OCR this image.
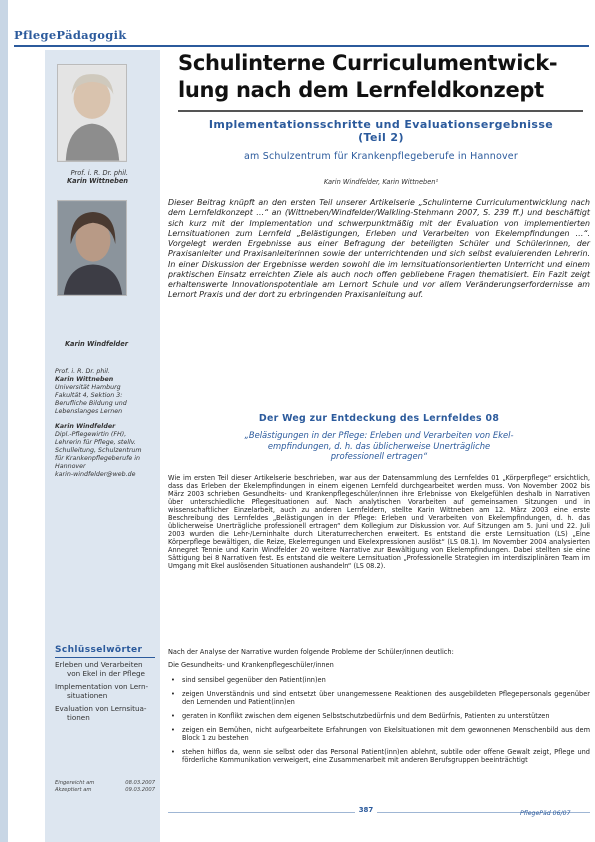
PflegePädagogik
Prof. i. R. Dr. phil.
Karin Wittneben
Karin Windfelder
Prof. i. R. Dr. phil.
Karin Wittneben
Universität Hamburg
Fakultät 4, Sektion 3:
Berufliche Bildung und
Lebenslanges Lernen
Karin Windfelder
Dipl.-Pflegewirtin (FH),
Lehrerin für Pflege, stellv.
Schulleitung, Schulzentrum
für Krankenpflegeberufe in
Hannover
karin-windfelder@web.de
Schlüsselwörter
Erleben und Verarbeiten
von Ekel in der Pflege
Implementation von Lern-
situationen
Evaluation von Lernsitua-
tionen
Eingereicht am	08.03.2007
Akzeptiert am	09.03.2007
Schulinterne Curriculumentwick-
lung nach dem Lernfeldkonzept
Implementationsschritte und Evaluationsergebnisse
(Teil 2)
am Schulzentrum für Krankenpflegeberufe in Hannover
Karin Windfelder, Karin Wittneben¹
Dieser Beitrag knüpft an den ersten Teil unserer Artikelserie „Schulinterne Curriculumentwicklung nach dem Lernfeldkonzept …“ an (Wittneben/Windfelder/Walkling-Stehmann 2007, S. 239 ff.) und beschäftigt sich kurz mit der Implementation und schwerpunktmäßig mit der Evaluation von implementierten Lernsituationen zum Lernfeld „Belästigungen, Erleben und Verarbeiten von Ekelempfindungen …“. Vorgelegt werden Ergebnisse aus einer Befragung der beteiligten Schüler und Schülerinnen, der Praxisanleiter und Praxisanleiterinnen sowie der unterrichtenden und sich selbst evaluierenden Lehrerin. In einer Diskussion der Ergebnisse werden sowohl die im lernsituationsorientierten Unterricht und einem praktischen Einsatz erreichten Ziele als auch noch offen gebliebene Fragen thematisiert. Ein Fazit zeigt erhaltenswerte Innovationspotentiale am Lernort Schule und vor allem Veränderungserfordernisse am Lernort Praxis und der dort zu erbringenden Praxisanleitung auf.
Der Weg zur Entdeckung des Lernfeldes 08
„Belästigungen in der Pflege: Erleben und Verarbeiten von Ekel-
empfindungen, d. h. das üblicherweise Unerträgliche
professionell ertragen“
Wie im ersten Teil dieser Artikelserie beschrieben, war aus der Datensammlung des Lernfeldes 01 „Körperpflege“ ersichtlich, dass das Erleben der Ekelempfindungen in einem eigenen Lernfeld durchgearbeitet werden muss. Von November 2002 bis März 2003 schrieben Gesundheits- und Krankenpflegeschüler/innen ihre Erlebnisse von Ekelgefühlen deshalb in Narrativen über unterschiedliche Pflegesituationen auf. Nach analytischen Vorarbeiten auf gemeinsamen Sitzungen und in wissenschaftlicher Einzelarbeit, auch zu anderen Lernfeldern, stellte Karin Wittneben am 12. März 2003 eine erste Beschreibung des Lernfeldes „Belästigungen in der Pflege: Erleben und Verarbeiten von Ekelempfindungen, d. h. das üblicherweise Unerträgliche professionell ertragen“ dem Kollegium zur Diskussion vor. Auf Sitzungen am 5. Juni und 22. Juli 2003 wurden die Lehr-/Lerninhalte durch Literaturrecherchen erweitert. Es entstand die erste Lernsituation (LS) „Eine Körperpflege bewältigen, die Reize, Ekelerregungen und Ekelexpressionen auslöst“ (LS 08.1). Im November 2004 analysierten Annegret Tennie und Karin Windfelder 20 weitere Narrative zur Bewältigung von Ekelempfindungen. Dabei stellten sie eine Sättigung bei 8 Narrativen fest. Es entstand die weitere Lernsituation „Professionelle Strategien im interdisziplinären Team im Umgang mit Ekel auslösenden Situationen aushandeln“ (LS 08.2).
Nach der Analyse der Narrative wurden folgende Probleme der Schüler/innen deutlich:
Die Gesundheits- und Krankenpflegeschüler/innen
• sind sensibel gegenüber den Patient(inn)en
• zeigen Unverständnis und sind entsetzt über unangemessene Reaktionen des ausgebildeten Pflegepersonals gegenüber den Lernenden und Patient(inn)en
• geraten in Konflikt zwischen dem eigenen Selbstschutzbedürfnis und dem Bedürfnis, Patienten zu unterstützen
• zeigen ein Bemühen, nicht aufgearbeitete Erfahrungen von Ekelsituationen mit dem gewonnenen Menschenbild aus dem Block 1 zu bestehen
• stehen hilflos da, wenn sie selbst oder das Personal Patient(inn)en ablehnt, subtile oder offene Gewalt zeigt, Pflege und förderliche Kommunikation verweigert, eine Zusammenarbeit mit anderen Berufsgruppen beeinträchtigt
387	PflegePäd 06/07
